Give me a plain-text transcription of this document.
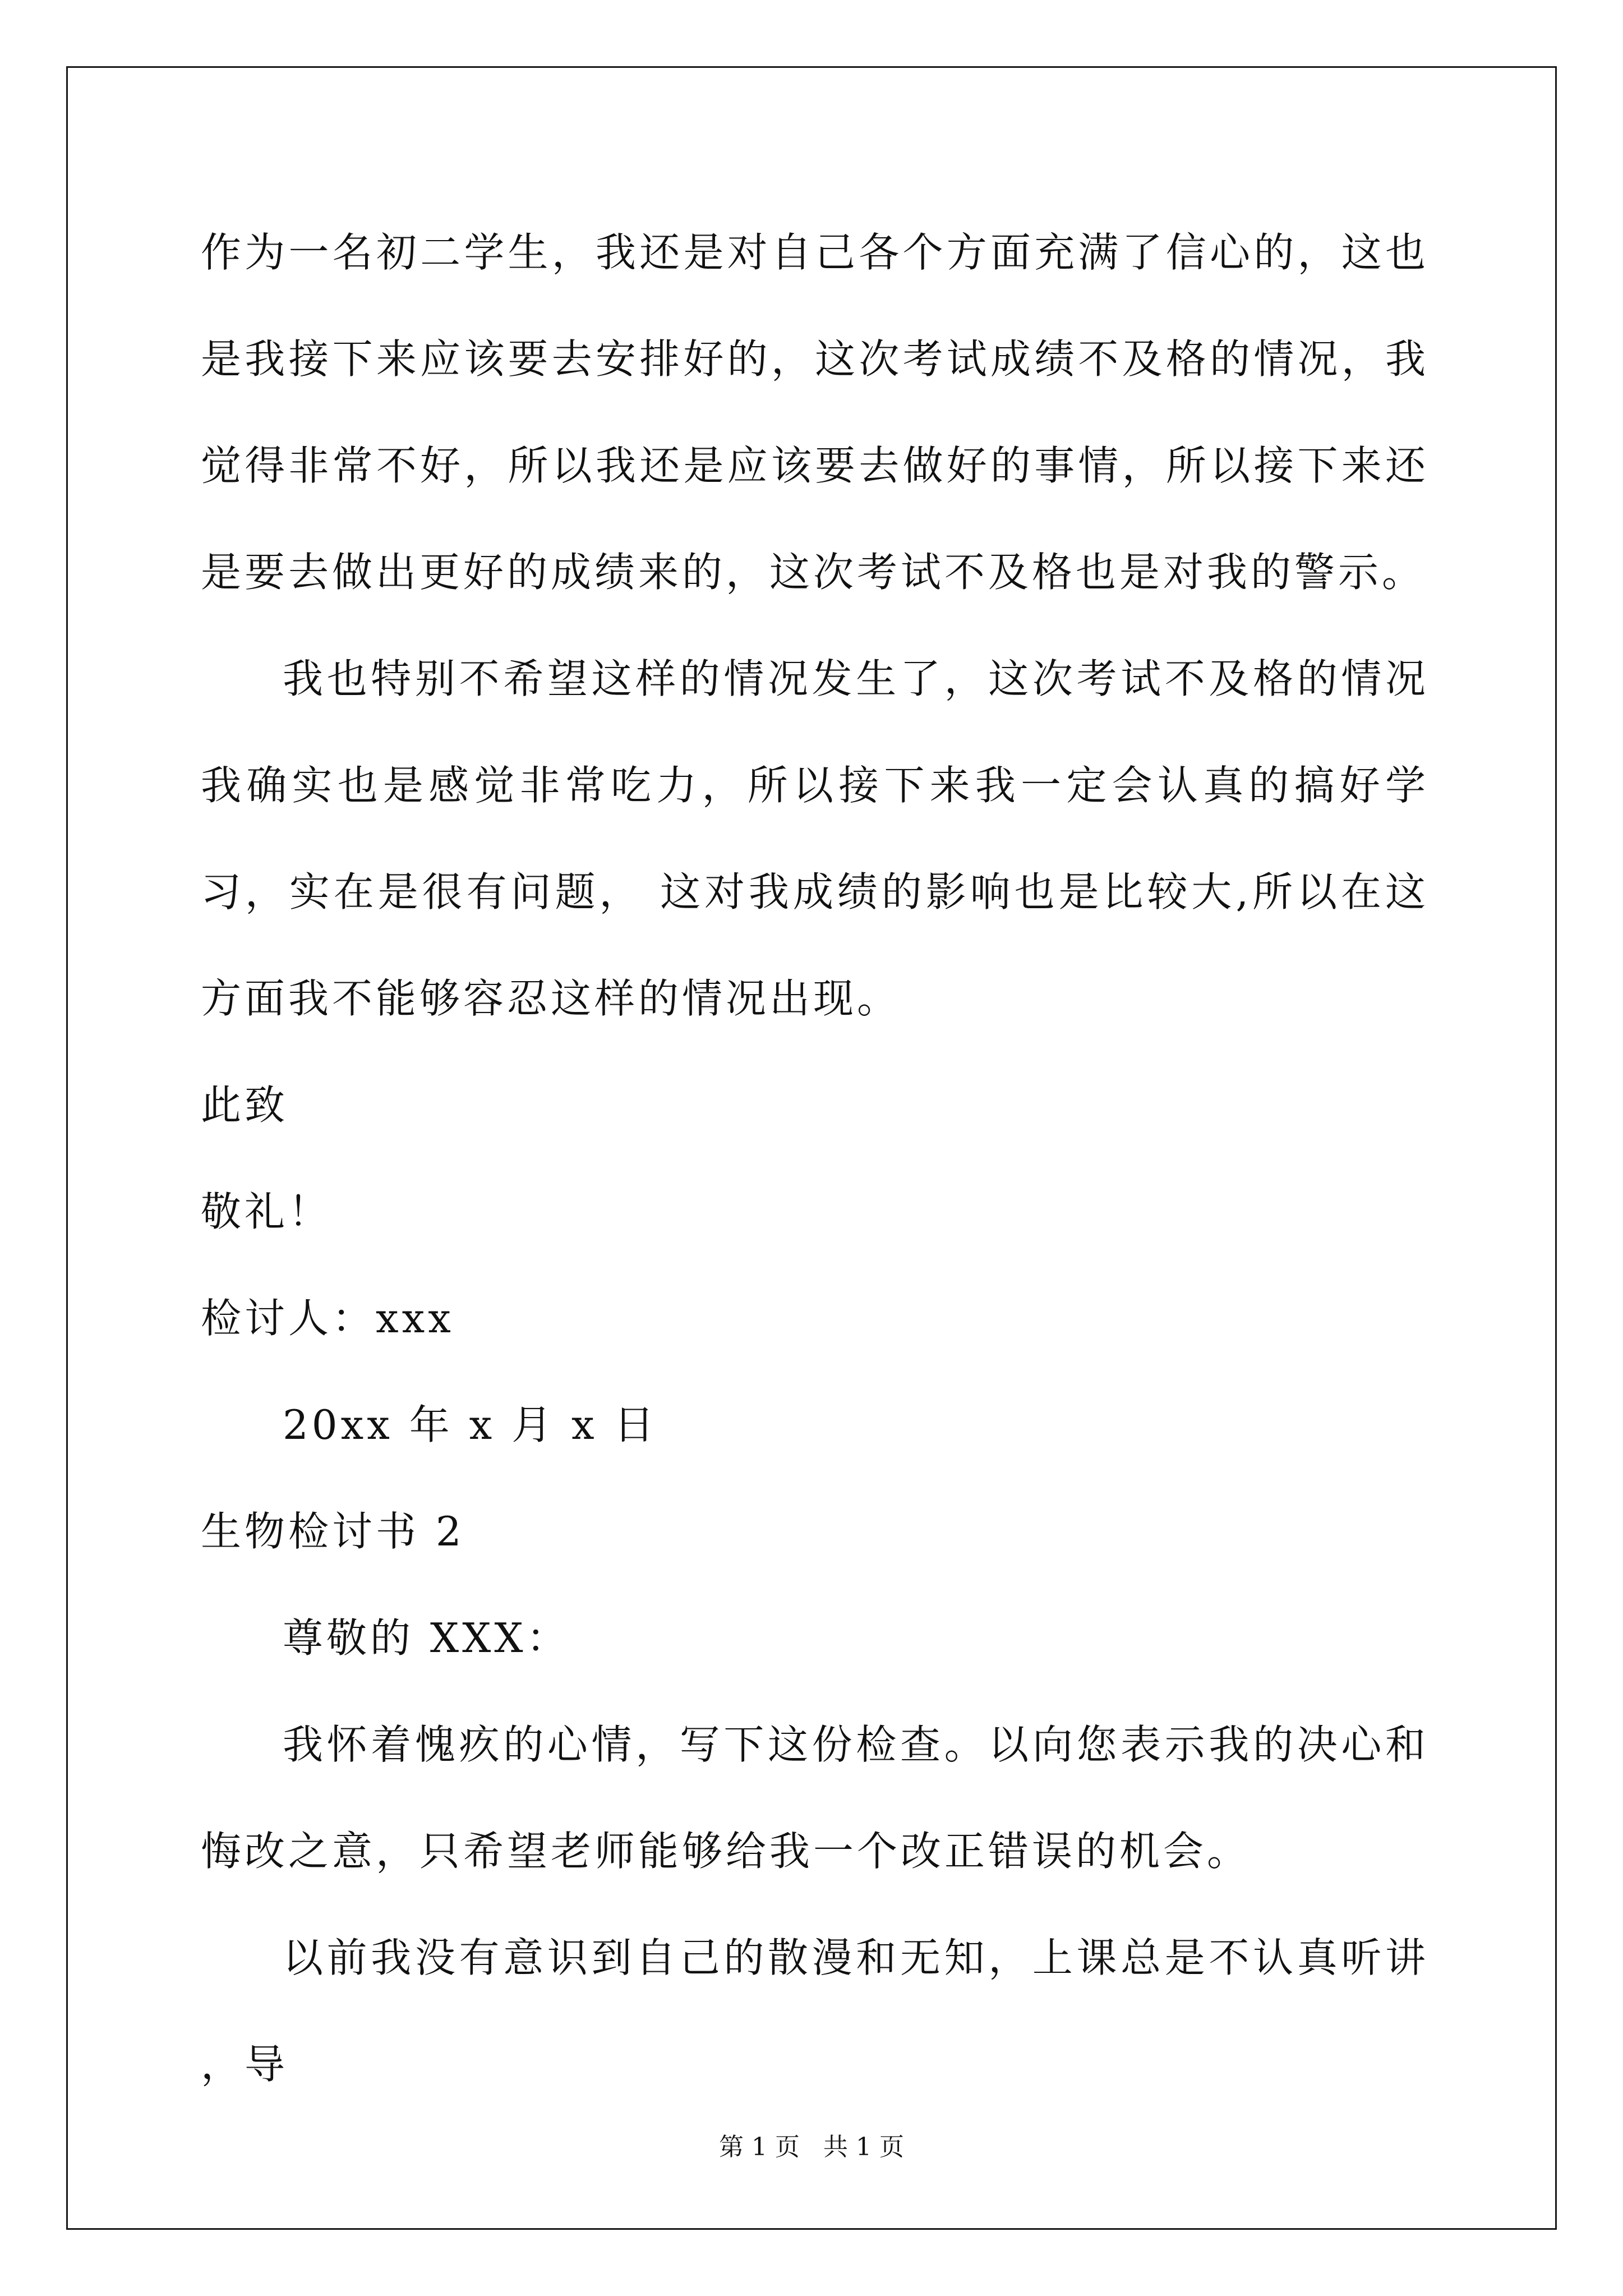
作为一名初二学生，我还是对自己各个方面充满了信心的，这也是我接下来应该要去安排好的，这次考试成绩不及格的情况，我觉得非常不好，所以我还是应该要去做好的事情，所以接下来还是要去做出更好的成绩来的，这次考试不及格也是对我的警示。

我也特别不希望这样的情况发生了，这次考试不及格的情况我确实也是感觉非常吃力，所以接下来我一定会认真的搞好学习，实在是很有问题， 这对我成绩的影响也是比较大,所以在这方面我不能够容忍这样的情况出现。

此致

敬礼！

检讨人：xxx

20xx 年 x 月 x 日

生物检讨书 2

尊敬的 XXX：

我怀着愧疚的心情，写下这份检查。以向您表示我的决心和悔改之意，只希望老师能够给我一个改正错误的机会。

以前我没有意识到自己的散漫和无知，上课总是不认真听讲 ，导

第 1 页 共 1 页
